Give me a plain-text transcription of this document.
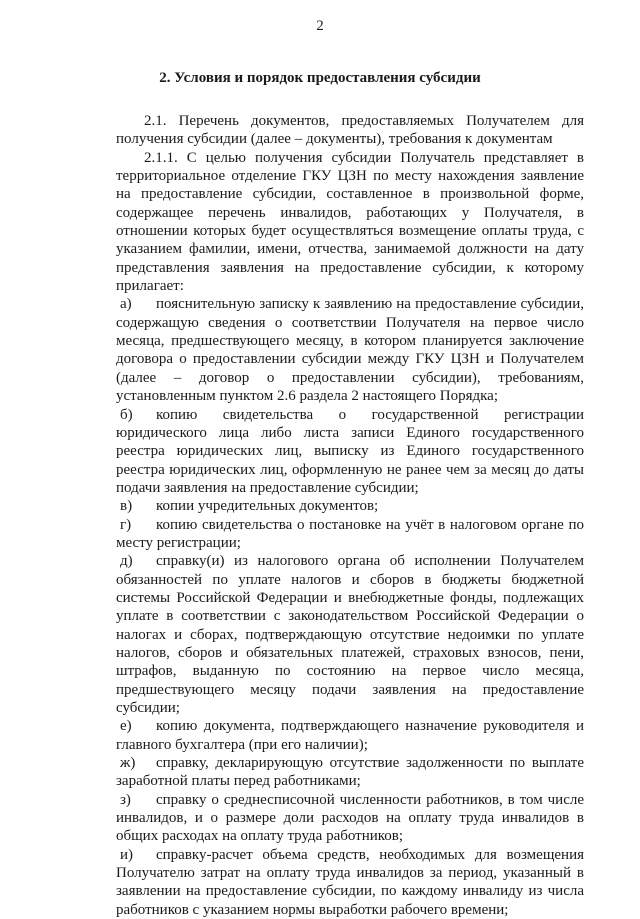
2
2. Условия и порядок предоставления субсидии

2.1. Перечень документов, предоставляемых Получателем для получения субсидии (далее – документы), требования к документам

2.1.1. С целью получения субсидии Получатель представляет в территориальное отделение ГКУ ЦЗН по месту нахождения заявление на предоставление субсидии, составленное в произвольной форме, содержащее перечень инвалидов, работающих у Получателя, в отношении которых будет осуществляться возмещение оплаты труда, с указанием фамилии, имени, отчества, занимаемой должности на дату представления заявления на предоставление субсидии, к которому прилагает:

а) пояснительную записку к заявлению на предоставление субсидии, содержащую сведения о соответствии Получателя на первое число месяца, предшествующего месяцу, в котором планируется заключение договора о предоставлении субсидии между ГКУ ЦЗН и Получателем (далее – договор о предоставлении субсидии), требованиям, установленным пунктом 2.6 раздела 2 настоящего Порядка;

б) копию свидетельства о государственной регистрации юридического лица либо листа записи Единого государственного реестра юридических лиц, выписку из Единого государственного реестра юридических лиц, оформленную не ранее чем за месяц до даты подачи заявления на предоставление субсидии;

в) копии учредительных документов;

г) копию свидетельства о постановке на учёт в налоговом органе по месту регистрации;

д) справку(и) из налогового органа об исполнении Получателем обязанностей по уплате налогов и сборов в бюджеты бюджетной системы Российской Федерации и внебюджетные фонды, подлежащих уплате в соответствии с законодательством Российской Федерации о налогах и сборах, подтверждающую отсутствие недоимки по уплате налогов, сборов и обязательных платежей, страховых взносов, пени, штрафов, выданную по состоянию на первое число месяца, предшествующего месяцу подачи заявления на предоставление субсидии;

е) копию документа, подтверждающего назначение руководителя и главного бухгалтера (при его наличии);

ж) справку, декларирующую отсутствие задолженности по выплате заработной платы перед работниками;

з) справку о среднесписочной численности работников, в том числе инвалидов, и о размере доли расходов на оплату труда инвалидов в общих расходах на оплату труда работников;

и) справку-расчет объема средств, необходимых для возмещения Получателю затрат на оплату труда инвалидов за период, указанный в заявлении на предоставление субсидии, по каждому инвалиду из числа работников с указанием нормы выработки рабочего времени;
